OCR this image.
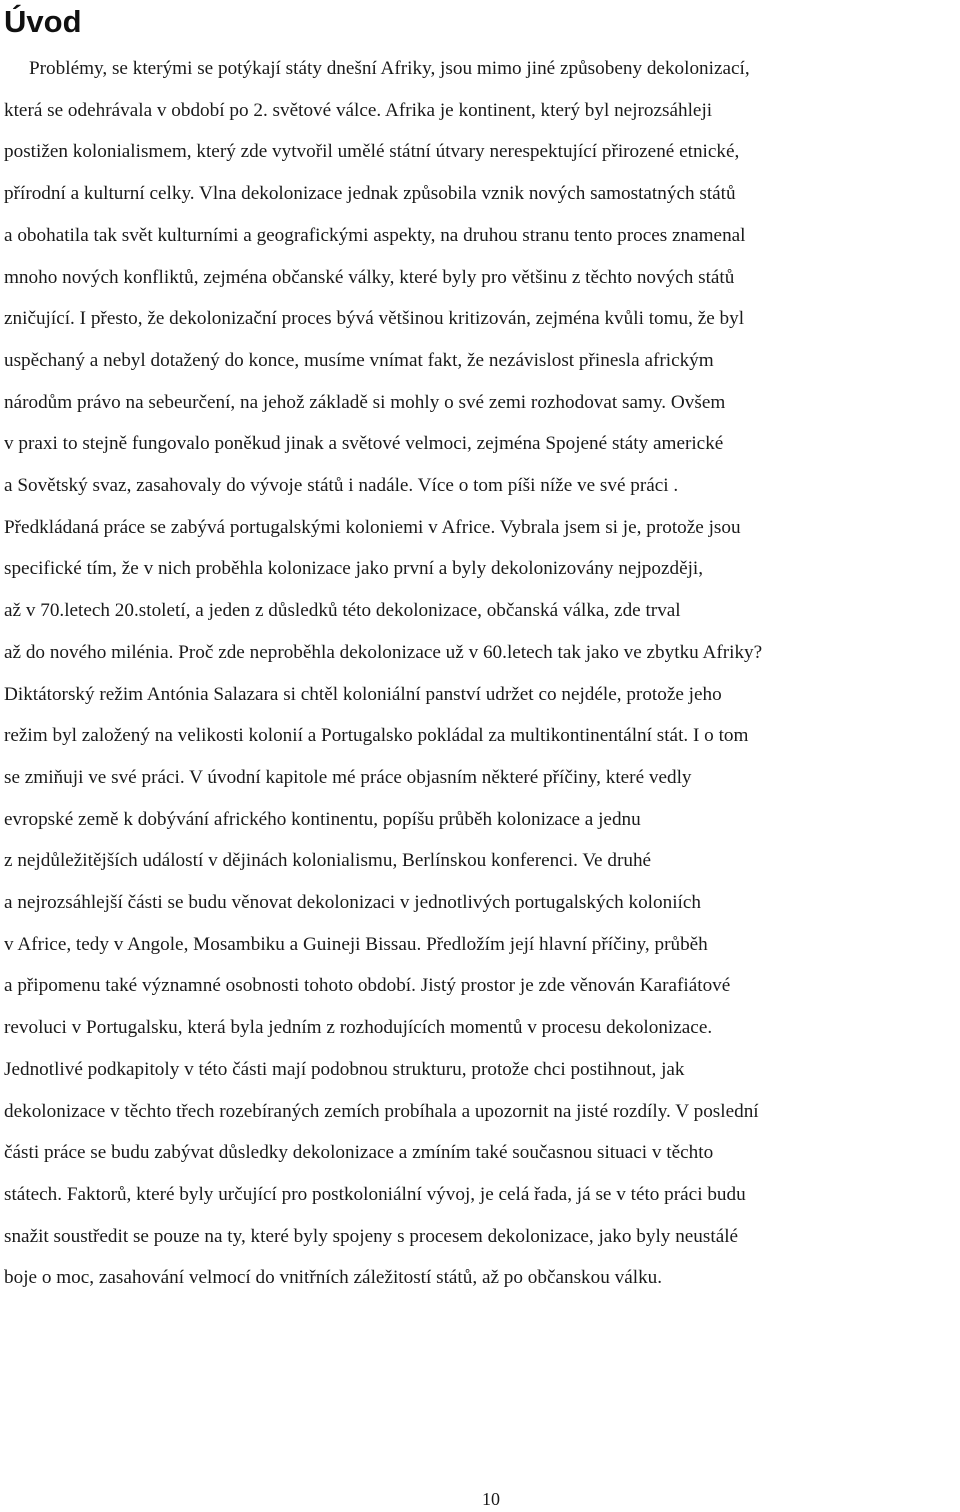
Úvod

Problémy, se kterými se potýkají státy dnešní Afriky, jsou mimo jiné způsobeny dekolonizací,
která se odehrávala v období po 2. světové válce. Afrika je kontinent, který byl nejrozsáhleji
postižen kolonialismem, který zde vytvořil umělé státní útvary nerespektující přirozené etnické,
přírodní a kulturní celky. Vlna dekolonizace jednak způsobila vznik nových samostatných států
a obohatila tak svět kulturními a geografickými aspekty, na druhou stranu tento proces znamenal
mnoho nových konfliktů, zejména občanské války, které byly pro většinu z těchto nových států
zničující. I přesto, že dekolonizační proces bývá většinou kritizován, zejména kvůli tomu, že byl
uspěchaný a nebyl dotažený do konce, musíme vnímat fakt, že nezávislost přinesla africkým
národům právo na sebeurčení, na jehož základě si mohly o své zemi rozhodovat samy. Ovšem
v praxi to stejně fungovalo poněkud jinak a světové velmoci, zejména Spojené státy americké
a Sovětský svaz, zasahovaly do vývoje států i nadále. Více o tom píši níže ve své práci .
Předkládaná práce se zabývá portugalskými koloniemi v Africe. Vybrala jsem si je, protože jsou
specifické tím, že v nich proběhla kolonizace jako první a byly dekolonizovány nejpozději,
až v 70.letech 20.století, a jeden z důsledků této dekolonizace, občanská válka, zde trval
až do nového milénia. Proč zde neproběhla dekolonizace už v 60.letech tak jako ve zbytku Afriky?
Diktátorský režim Antónia Salazara si chtěl koloniální panství udržet co nejdéle, protože jeho
režim byl založený na velikosti kolonií a Portugalsko pokládal za multikontinentální stát. I o tom
se zmiňuji ve své práci. V úvodní kapitole mé práce objasním některé příčiny, které vedly
evropské země k dobývání afrického kontinentu, popíšu průběh kolonizace a jednu
z nejdůležitějších událostí v dějinách kolonialismu, Berlínskou konferenci. Ve druhé
a nejrozsáhlejší části se budu věnovat dekolonizaci v jednotlivých portugalských koloniích
v Africe, tedy v Angole, Mosambiku a Guineji Bissau. Předložím její hlavní příčiny, průběh
a připomenu také významné osobnosti tohoto období. Jistý prostor je zde věnován Karafiátové
revoluci v Portugalsku, která byla jedním z rozhodujících momentů v procesu dekolonizace.
Jednotlivé podkapitoly v této části mají podobnou strukturu, protože chci postihnout, jak
dekolonizace v těchto třech rozebíraných zemích probíhala a upozornit na jisté rozdíly. V poslední
části práce se budu zabývat důsledky dekolonizace a zmíním také současnou situaci v těchto
státech. Faktorů, které byly určující pro postkoloniální vývoj, je celá řada, já se v této práci budu
snažit soustředit se pouze na ty, které byly spojeny s procesem dekolonizace, jako byly neustálé
boje o moc, zasahování velmocí do vnitřních záležitostí států, až po občanskou válku.

10
